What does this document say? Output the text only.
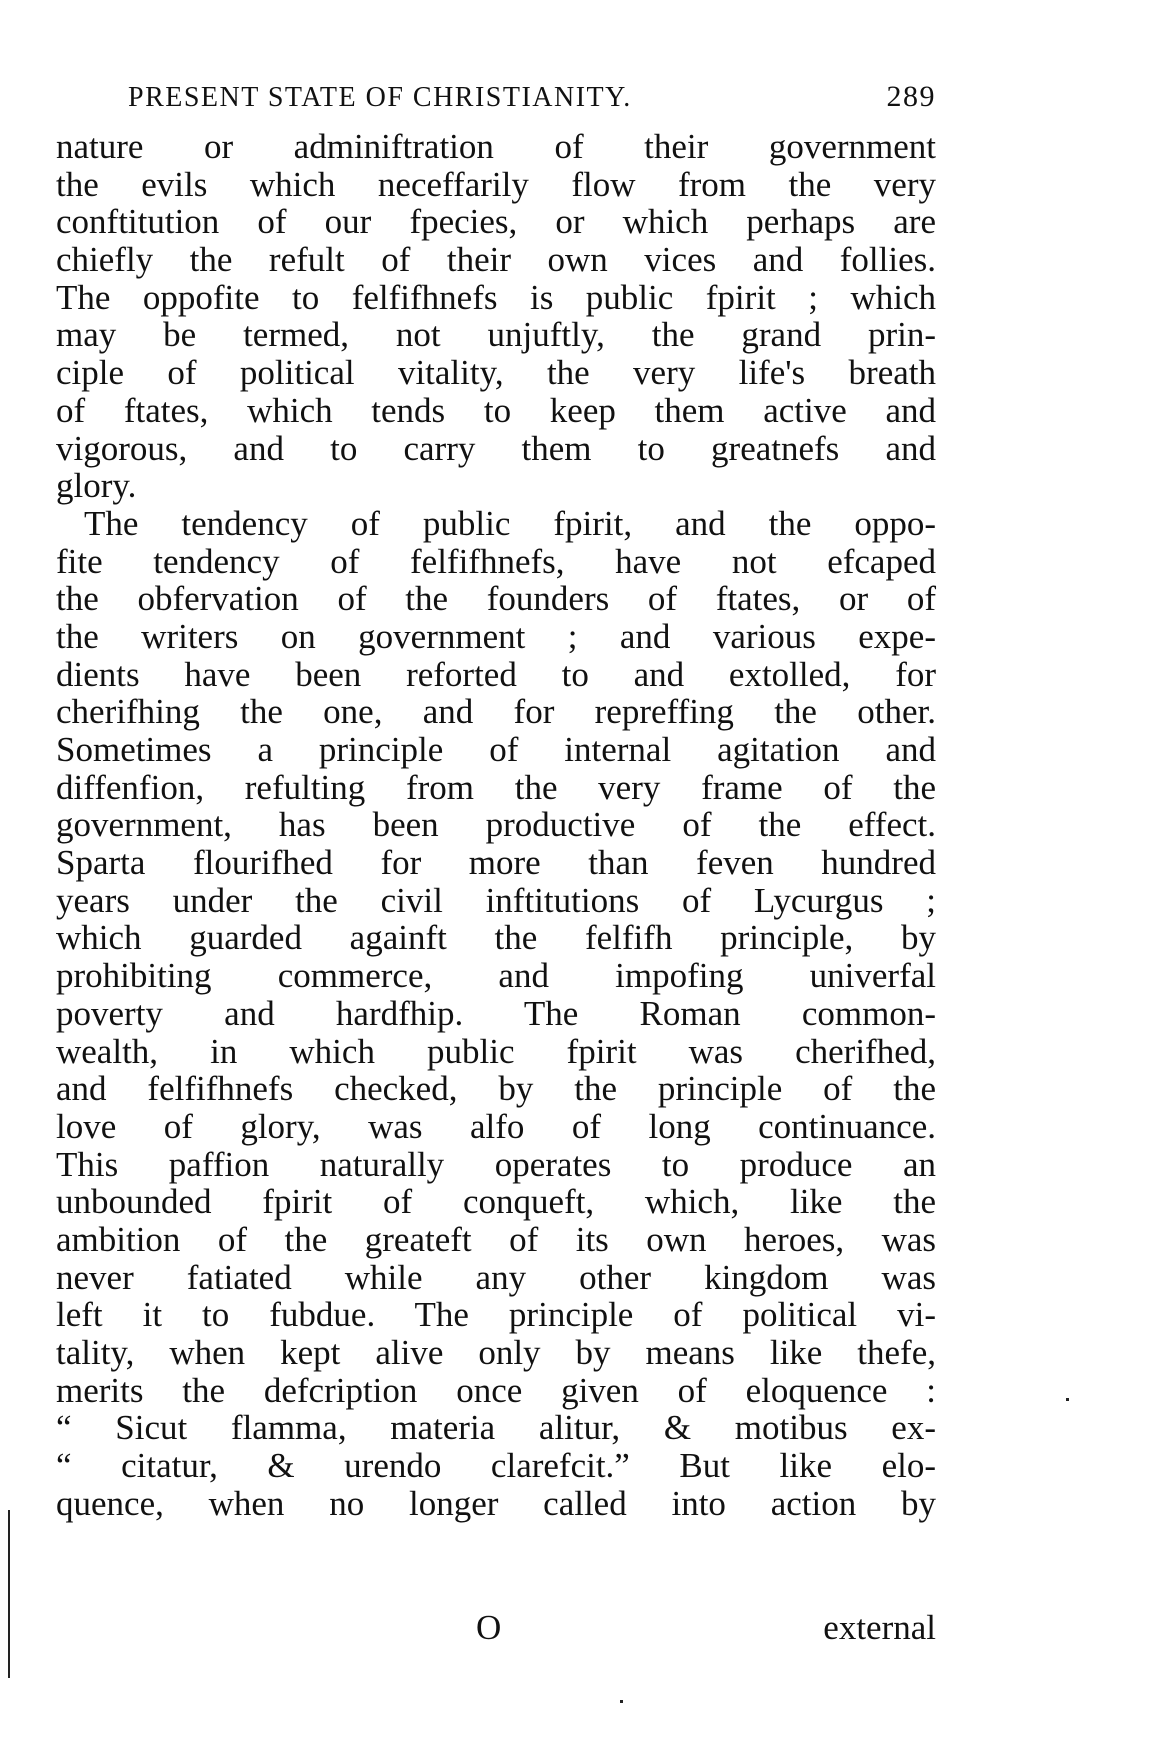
PRESENT STATE OF CHRISTIANITY.	289
nature or adminiftration of their government
the evils which neceffarily flow from the very
conftitution of our fpecies, or which perhaps are
chiefly the refult of their own vices and follies.
The oppofite to felfifhnefs is public fpirit ; which
may be termed, not unjuftly, the grand prin-
ciple of political vitality, the very life's breath
of ftates, which tends to keep them active and
vigorous, and to carry them to greatnefs and
glory.
The tendency of public fpirit, and the oppo-
fite tendency of felfifhnefs, have not efcaped
the obfervation of the founders of ftates, or of
the writers on government ; and various expe-
dients have been reforted to and extolled, for
cherifhing the one, and for repreffing the other.
Sometimes a principle of internal agitation and
diffenfion, refulting from the very frame of the
government, has been productive of the effect.
Sparta flourifhed for more than feven hundred
years under the civil inftitutions of Lycurgus ;
which guarded againft the felfifh principle, by
prohibiting commerce, and impofing univerfal
poverty and hardfhip. The Roman common-
wealth, in which public fpirit was cherifhed,
and felfifhnefs checked, by the principle of the
love of glory, was alfo of long continuance.
This paffion naturally operates to produce an
unbounded fpirit of conqueft, which, like the
ambition of the greateft of its own heroes, was
never fatiated while any other kingdom was
left it to fubdue. The principle of political vi-
tality, when kept alive only by means like thefe,
merits the defcription once given of eloquence :
“ Sicut flamma, materia alitur, & motibus ex-
“ citatur, & urendo clarefcit.” But like elo-
quence, when no longer called into action by
O	external
